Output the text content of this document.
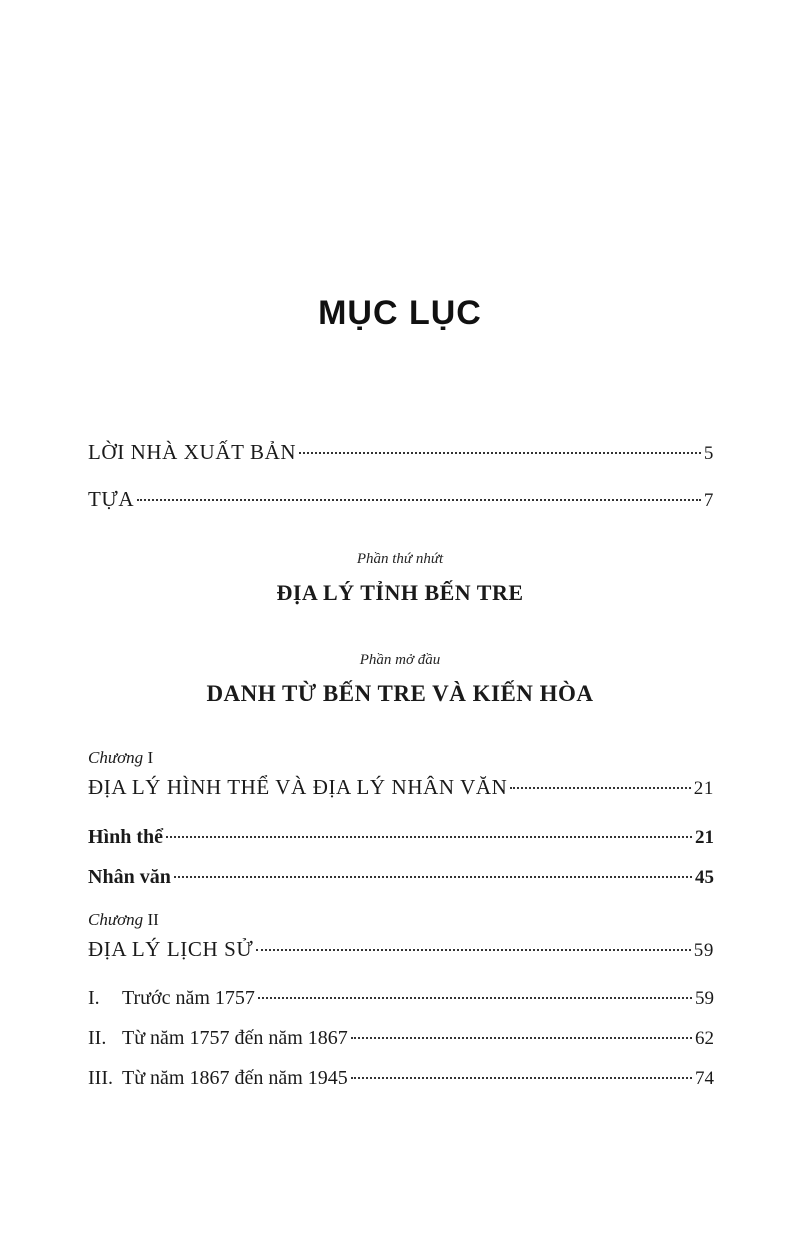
MỤC LỤC
LỜI NHÀ XUẤT BẢN	5
TỰA	7
Phần thứ nhứt
ĐỊA LÝ TỈNH BẾN TRE
Phần mở đầu
DANH TỪ BẾN TRE VÀ KIẾN HÒA
Chương I
ĐỊA LÝ HÌNH THỂ VÀ ĐỊA LÝ NHÂN VĂN	21
Hình thể	21
Nhân văn	45
Chương II
ĐỊA LÝ LỊCH SỬ	59
I. Trước năm 1757	59
II. Từ năm 1757 đến năm 1867	62
III. Từ năm 1867 đến năm 1945	74
